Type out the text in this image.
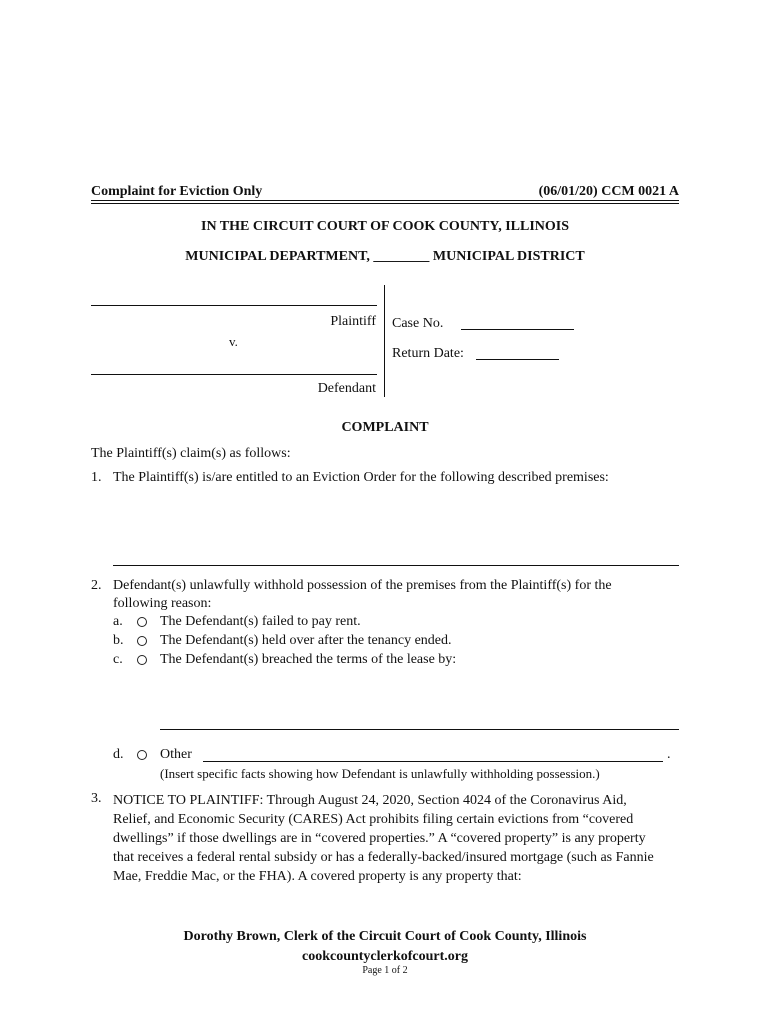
Complaint for Eviction Only	(06/01/20) CCM 0021 A
IN THE CIRCUIT COURT OF COOK COUNTY, ILLINOIS
MUNICIPAL DEPARTMENT, ________ MUNICIPAL DISTRICT
Plaintiff
v.
Defendant
Case No.
Return Date:
COMPLAINT
The Plaintiff(s) claim(s) as follows:
1. The Plaintiff(s) is/are entitled to an Eviction Order for the following described premises:
2. Defendant(s) unlawfully withhold possession of the premises from the Plaintiff(s) for the
following reason:
a.	The Defendant(s) failed to pay rent.
b.	The Defendant(s) held over after the tenancy ended.
c.	The Defendant(s) breached the terms of the lease by:
d.	Other	.
(Insert specific facts showing how Defendant is unlawfully withholding possession.)
3. NOTICE TO PLAINTIFF: Through August 24, 2020, Section 4024 of the Coronavirus Aid,

Relief, and Economic Security (CARES) Act prohibits filing certain evictions from “covered

dwellings” if those dwellings are in “covered properties.” A “covered property” is any property

that receives a federal rental subsidy or has a federally-backed/insured mortgage (such as Fannie

Mae, Freddie Mac, or the FHA). A covered property is any property that:

Dorothy Brown, Clerk of the Circuit Court of Cook County, Illinois
cookcountyclerkofcourt.org
Page 1 of 2
